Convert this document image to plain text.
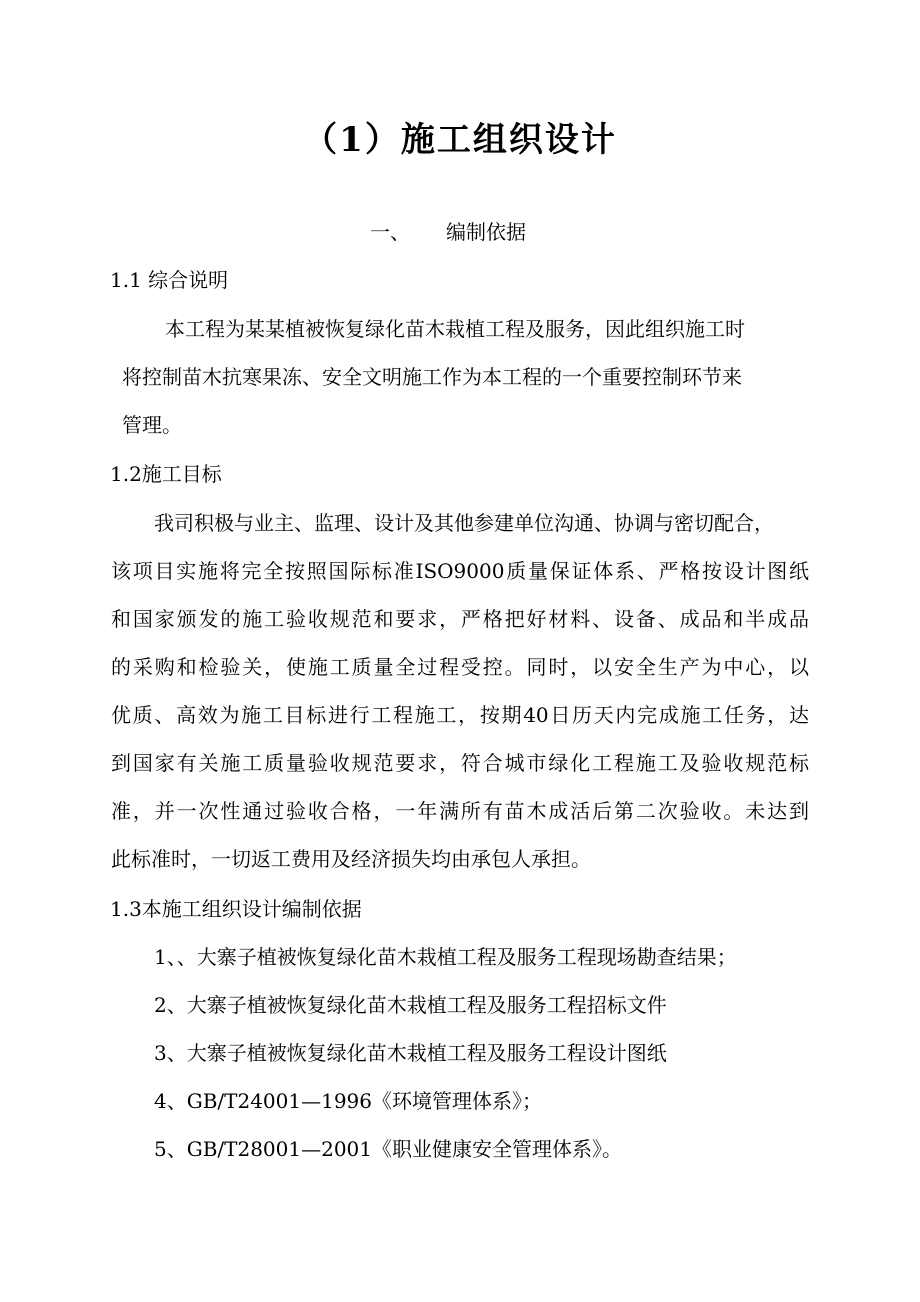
（1）施工组织设计
一、 编制依据
1.1 综合说明
本工程为某某植被恢复绿化苗木栽植工程及服务，因此组织施工时
将控制苗木抗寒果冻、安全文明施工作为本工程的一个重要控制环节来
管理。
1.2施工目标
我司积极与业主、监理、设计及其他参建单位沟通、协调与密切配合，
该项目实施将完全按照国际标准ISO9000质量保证体系、严格按设计图纸
和国家颁发的施工验收规范和要求，严格把好材料、设备、成品和半成品
的采购和检验关，使施工质量全过程受控。同时，以安全生产为中心，以
优质、高效为施工目标进行工程施工，按期40日历天内完成施工任务，达
到国家有关施工质量验收规范要求，符合城市绿化工程施工及验收规范标
准，并一次性通过验收合格，一年满所有苗木成活后第二次验收。未达到
此标准时，一切返工费用及经济损失均由承包人承担。
1.3本施工组织设计编制依据
1、、大寨子植被恢复绿化苗木栽植工程及服务工程现场勘查结果；
2、大寨子植被恢复绿化苗木栽植工程及服务工程招标文件
3、大寨子植被恢复绿化苗木栽植工程及服务工程设计图纸
4、GB/T24001—1996《环境管理体系》；
5、GB/T28001—2001《职业健康安全管理体系》。
